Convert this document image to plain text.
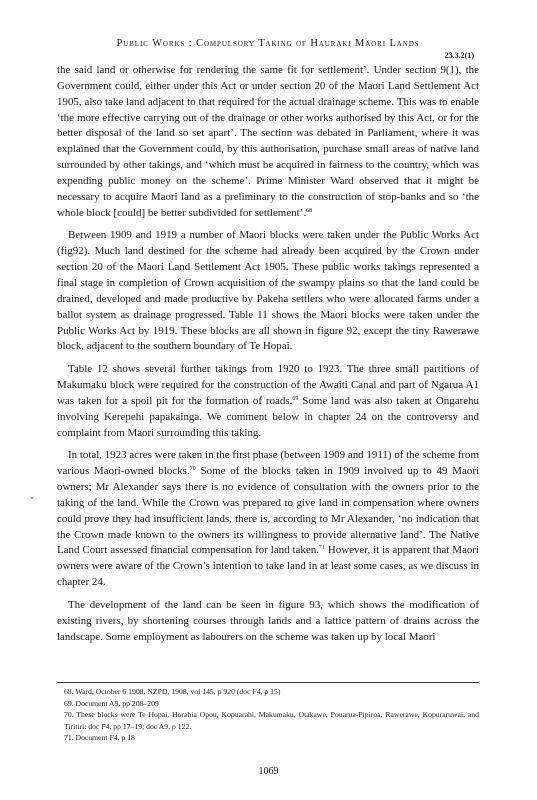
Public Works : Compulsory Taking of Hauraki Maori Lands
23.3.2(1)

the said land or otherwise for rendering the same fit for settlement’. Under section 9(1), the Government could, either under this Act or under section 20 of the Maori Land Settlement Act 1905, also take land adjacent to that required for the actual drainage scheme. This was to enable ‘the more effective carrying out of the drainage or other works authorised by this Act, or for the better disposal of the land so set apart’. The section was debated in Parliament, where it was explained that the Government could, by this authorisation, purchase small areas of native land surrounded by other takings, and ‘which must be acquired in fairness to the country, which was expending public money on the scheme’. Prime Minister Ward observed that it might be necessary to acquire Maori land as a preliminary to the construction of stop-banks and so ‘the whole block [could] be better subdivided for settlement’.$^{68}$

Between 1909 and 1919 a number of Maori blocks were taken under the Public Works Act (fig92). Much land destined for the scheme had already been acquired by the Crown under section 20 of the Maori Land Settlement Act 1905. These public works takings represented a final stage in completion of Crown acquisition of the swampy plains so that the land could be drained, developed and made productive by Pakeha settlers who were allocated farms under a ballot system as drainage progressed. Table 11 shows the Maori blocks were taken under the Public Works Act by 1919. These blocks are all shown in figure 92, except the tiny Rawerawe block, adjacent to the southern boundary of Te Hopai.

Table 12 shows several further takings from 1920 to 1923. The three small partitions of Makumaku block were required for the construction of the Awaiti Canal and part of Ngarua A1 was taken for a spoil pit for the formation of roads.$^{69}$ Some land was also taken at Ongarehu involving Kerepehi papakainga. We comment below in chapter 24 on the controversy and complaint from Maori surrounding this taking.

In total, 1923 acres were taken in the first phase (between 1909 and 1911) of the scheme from various Maori-owned blocks.$^{70}$ Some of the blocks taken in 1909 involved up to 49 Maori owners; Mr Alexander says there is no evidence of consultation with the owners prior to the taking of the land. While the Crown was prepared to give land in compensation where owners could prove they had insufficient lands, there is, according to Mr Alexander, ‘no indication that the Crown made known to the owners its willingness to provide alternative land’. The Native Land Court assessed financial compensation for land taken.$^{71}$ However, it is apparent that Maori owners were aware of the Crown’s intention to take land in at least some cases, as we discuss in chapter 24.

The development of the land can be seen in figure 93, which shows the modification of existing rivers, by shortening courses through lands and a lattice pattern of drains across the landscape. Some employment as labourers on the scheme was taken up by local Maori

68. Ward, October 6 1908, NZPD, 1908, vol 145, p 920 (doc F4, p 15)

69. Document A9, pp 208–209

70. These blocks were Te Hopai, Horahia Opou, Kopuarahi, Makumaku, Otakawe, Pouarua-Pipiroa, Rawerawe, Kopuraruwai, and Tiritiri: doc F4, pp 17–19; doc A9, p 122.

71. Document F4, p 18

1069
